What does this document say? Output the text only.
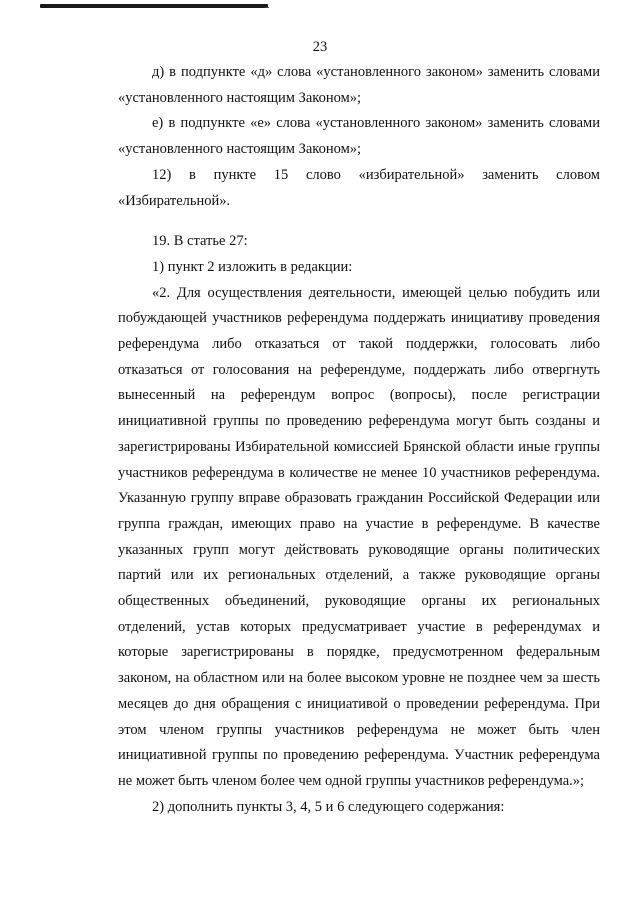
23

д) в подпункте «д» слова «установленного законом» заменить словами «установленного настоящим Законом»;

е) в подпункте «е» слова «установленного законом» заменить словами «установленного настоящим Законом»;

12) в пункте 15 слово «избирательной» заменить словом «Избирательной».

19. В статье 27:

1) пункт 2 изложить в редакции:

«2. Для осуществления деятельности, имеющей целью побудить или побуждающей участников референдума поддержать инициативу проведения референдума либо отказаться от такой поддержки, голосовать либо отказаться от голосования на референдуме, поддержать либо отвергнуть вынесенный на референдум вопрос (вопросы), после регистрации инициативной группы по проведению референдума могут быть созданы и зарегистрированы Избирательной комиссией Брянской области иные группы участников референдума в количестве не менее 10 участников референдума. Указанную группу вправе образовать гражданин Российской Федерации или группа граждан, имеющих право на участие в референдуме. В качестве указанных групп могут действовать руководящие органы политических партий или их региональных отделений, а также руководящие органы общественных объединений, руководящие органы их региональных отделений, устав которых предусматривает участие в референдумах и которые зарегистрированы в порядке, предусмотренном федеральным законом, на областном или на более высоком уровне не позднее чем за шесть месяцев до дня обращения с инициативой о проведении референдума. При этом членом группы участников референдума не может быть член инициативной группы по проведению референдума. Участник референдума не может быть членом более чем одной группы участников референдума.»;

2) дополнить пункты 3, 4, 5 и 6 следующего содержания:
